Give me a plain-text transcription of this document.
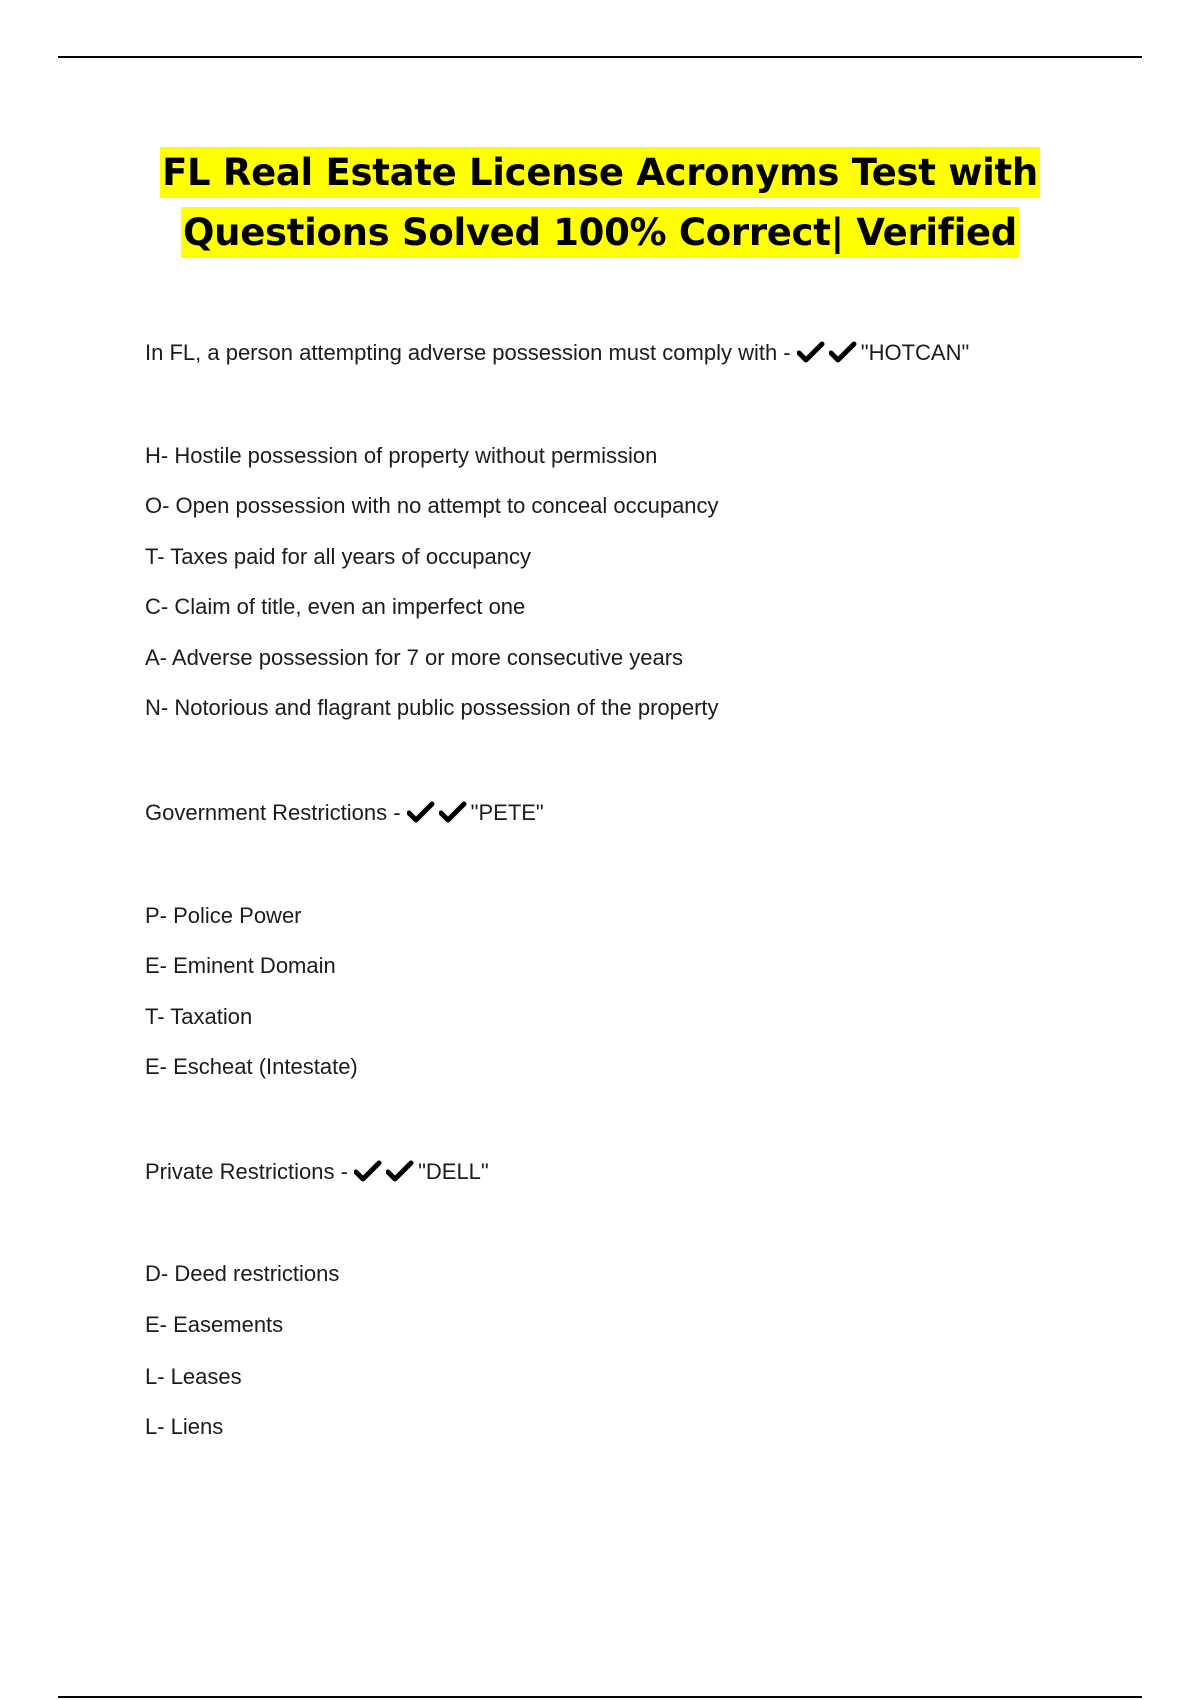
FL Real Estate License Acronyms Test with
Questions Solved 100% Correct| Verified
In FL, a person attempting adverse possession must comply with -	"HOTCAN"
H- Hostile possession of property without permission
O- Open possession with no attempt to conceal occupancy
T- Taxes paid for all years of occupancy
C- Claim of title, even an imperfect one
A- Adverse possession for 7 or more consecutive years
N- Notorious and flagrant public possession of the property
Government Restrictions -	"PETE"
P- Police Power
E- Eminent Domain
T- Taxation
E- Escheat (Intestate)
Private Restrictions -	"DELL"
D- Deed restrictions
E- Easements
L- Leases
L- Liens
